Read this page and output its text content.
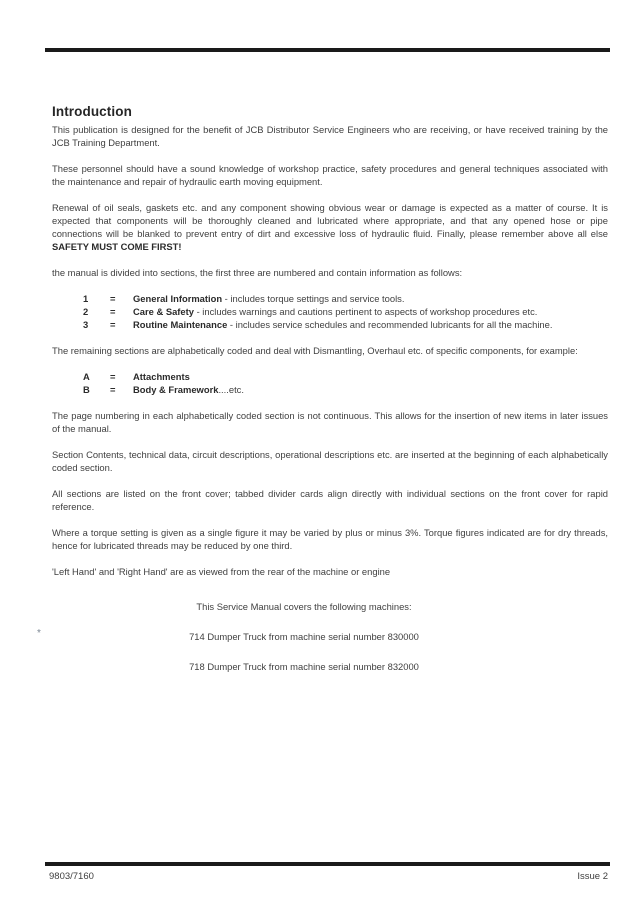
Introduction

This publication is designed for the benefit of JCB Distributor Service Engineers who are receiving, or have received training by the JCB Training Department.

These personnel should have a sound knowledge of workshop practice, safety procedures and general techniques associated with the maintenance and repair of hydraulic earth moving equipment.

Renewal of oil seals, gaskets etc. and any component showing obvious wear or damage is expected as a matter of course. It is expected that components will be thoroughly cleaned and lubricated where appropriate, and that any opened hose or pipe connections will be blanked to prevent entry of dirt and excessive loss of hydraulic fluid. Finally, please remember above all else SAFETY MUST COME FIRST!

the manual is divided into sections, the first three are numbered and contain information as follows:

1	=	General Information - includes torque settings and service tools.
2	=	Care & Safety - includes warnings and cautions pertinent to aspects of workshop procedures etc.
3	=	Routine Maintenance - includes service schedules and recommended lubricants for all the machine.

The remaining sections are alphabetically coded and deal with Dismantling, Overhaul etc. of specific components, for example:

A	=	Attachments
B	=	Body & Framework....etc.

The page numbering in each alphabetically coded section is not continuous. This allows for the insertion of new items in later issues of the manual.

Section Contents, technical data, circuit descriptions, operational descriptions etc. are inserted at the beginning of each alphabetically coded section.

All sections are listed on the front cover; tabbed divider cards align directly with individual sections on the front cover for rapid reference.

Where a torque setting is given as a single figure it may be varied by plus or minus 3%. Torque figures indicated are for dry threads, hence for lubricated threads may be reduced by one third.

'Left Hand' and 'Right Hand' are as viewed from the rear of the machine or engine

This Service Manual covers the following machines:

714 Dumper Truck from machine serial number 830000

718 Dumper Truck from machine serial number 832000

*
9803/7160	Issue 2
